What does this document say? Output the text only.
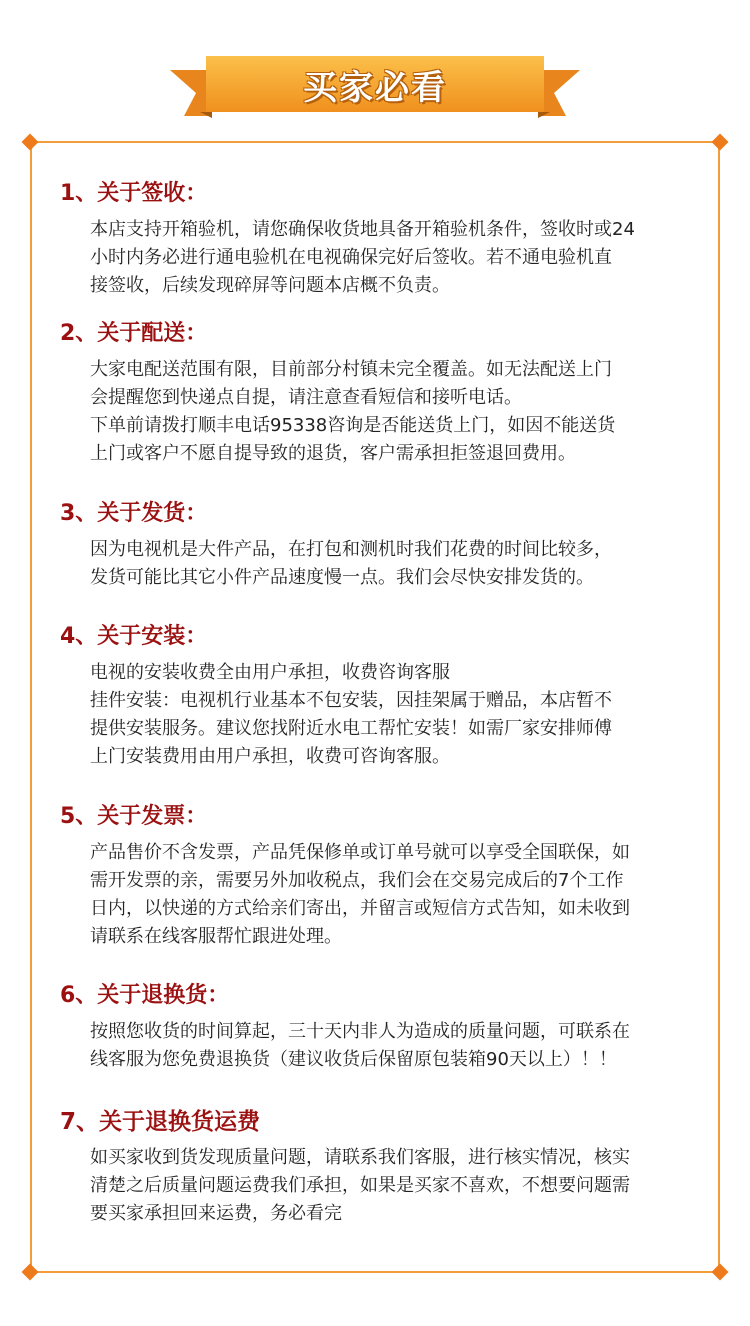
买家必看
1、关于签收：

本店支持开箱验机，请您确保收货地具备开箱验机条件，签收时或24
小时内务必进行通电验机在电视确保完好后签收。若不通电验机直
接签收，后续发现碎屏等问题本店概不负责。

2、关于配送：

大家电配送范围有限，目前部分村镇未完全覆盖。如无法配送上门
会提醒您到快递点自提，请注意查看短信和接听电话。
下单前请拨打顺丰电话95338咨询是否能送货上门，如因不能送货
上门或客户不愿自提导致的退货，客户需承担拒签退回费用。

3、关于发货：

因为电视机是大件产品，在打包和测机时我们花费的时间比较多，
发货可能比其它小件产品速度慢一点。我们会尽快安排发货的。

4、关于安装：

电视的安装收费全由用户承担，收费咨询客服
挂件安装：电视机行业基本不包安装，因挂架属于赠品，本店暂不
提供安装服务。建议您找附近水电工帮忙安装！如需厂家安排师傅
上门安装费用由用户承担，收费可咨询客服。

5、关于发票：

产品售价不含发票，产品凭保修单或订单号就可以享受全国联保，如
需开发票的亲，需要另外加收税点，我们会在交易完成后的7个工作
日内，以快递的方式给亲们寄出，并留言或短信方式告知，如未收到
请联系在线客服帮忙跟进处理。

6、关于退换货：

按照您收货的时间算起，三十天内非人为造成的质量问题，可联系在
线客服为您免费退换货（建议收货后保留原包装箱90天以上）！！

7、关于退换货运费

如买家收到货发现质量问题，请联系我们客服，进行核实情况，核实
清楚之后质量问题运费我们承担，如果是买家不喜欢，不想要问题需
要买家承担回来运费，务必看完
